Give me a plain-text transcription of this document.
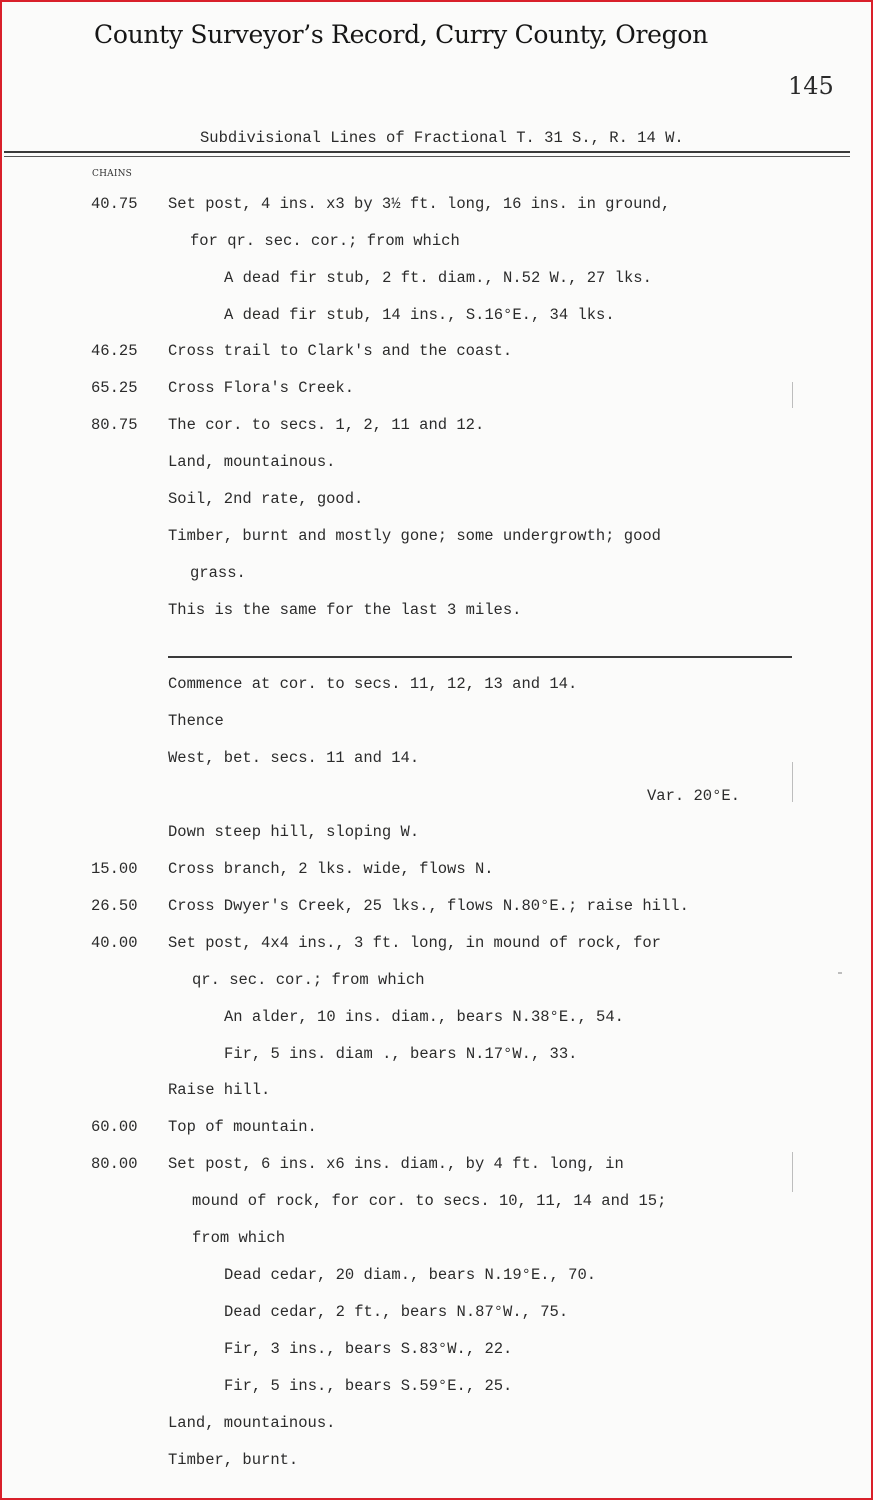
County Surveyor’s Record, Curry County, Oregon
145
Subdivisional Lines of Fractional T. 31 S., R. 14 W.
CHAINS
40.75 Set post, 4 ins. x3 by 3½ ft. long, 16 ins. in ground,
for qr. sec. cor.; from which
A dead fir stub, 2 ft. diam., N.52 W., 27 lks.
A dead fir stub, 14 ins., S.16°E., 34 lks.
46.25 Cross trail to Clark's and the coast.
65.25 Cross Flora's Creek.
80.75 The cor. to secs. 1, 2, 11 and 12.
Land, mountainous.
Soil, 2nd rate, good.
Timber, burnt and mostly gone; some undergrowth; good
grass.
This is the same for the last 3 miles.
Commence at cor. to secs. 11, 12, 13 and 14.
Thence
West, bet. secs. 11 and 14.
Var. 20°E.
Down steep hill, sloping W.
15.00 Cross branch, 2 lks. wide, flows N.
26.50 Cross Dwyer's Creek, 25 lks., flows N.80°E.; raise hill.
40.00 Set post, 4x4 ins., 3 ft. long, in mound of rock, for
qr. sec. cor.; from which
An alder, 10 ins. diam., bears N.38°E., 54.
Fir, 5 ins. diam ., bears N.17°W., 33.
Raise hill.
60.00 Top of mountain.
80.00 Set post, 6 ins. x6 ins. diam., by 4 ft. long, in
mound of rock, for cor. to secs. 10, 11, 14 and 15;
from which
Dead cedar, 20 diam., bears N.19°E., 70.
Dead cedar, 2 ft., bears N.87°W., 75.
Fir, 3 ins., bears S.83°W., 22.
Fir, 5 ins., bears S.59°E., 25.
Land, mountainous.
Timber, burnt.
